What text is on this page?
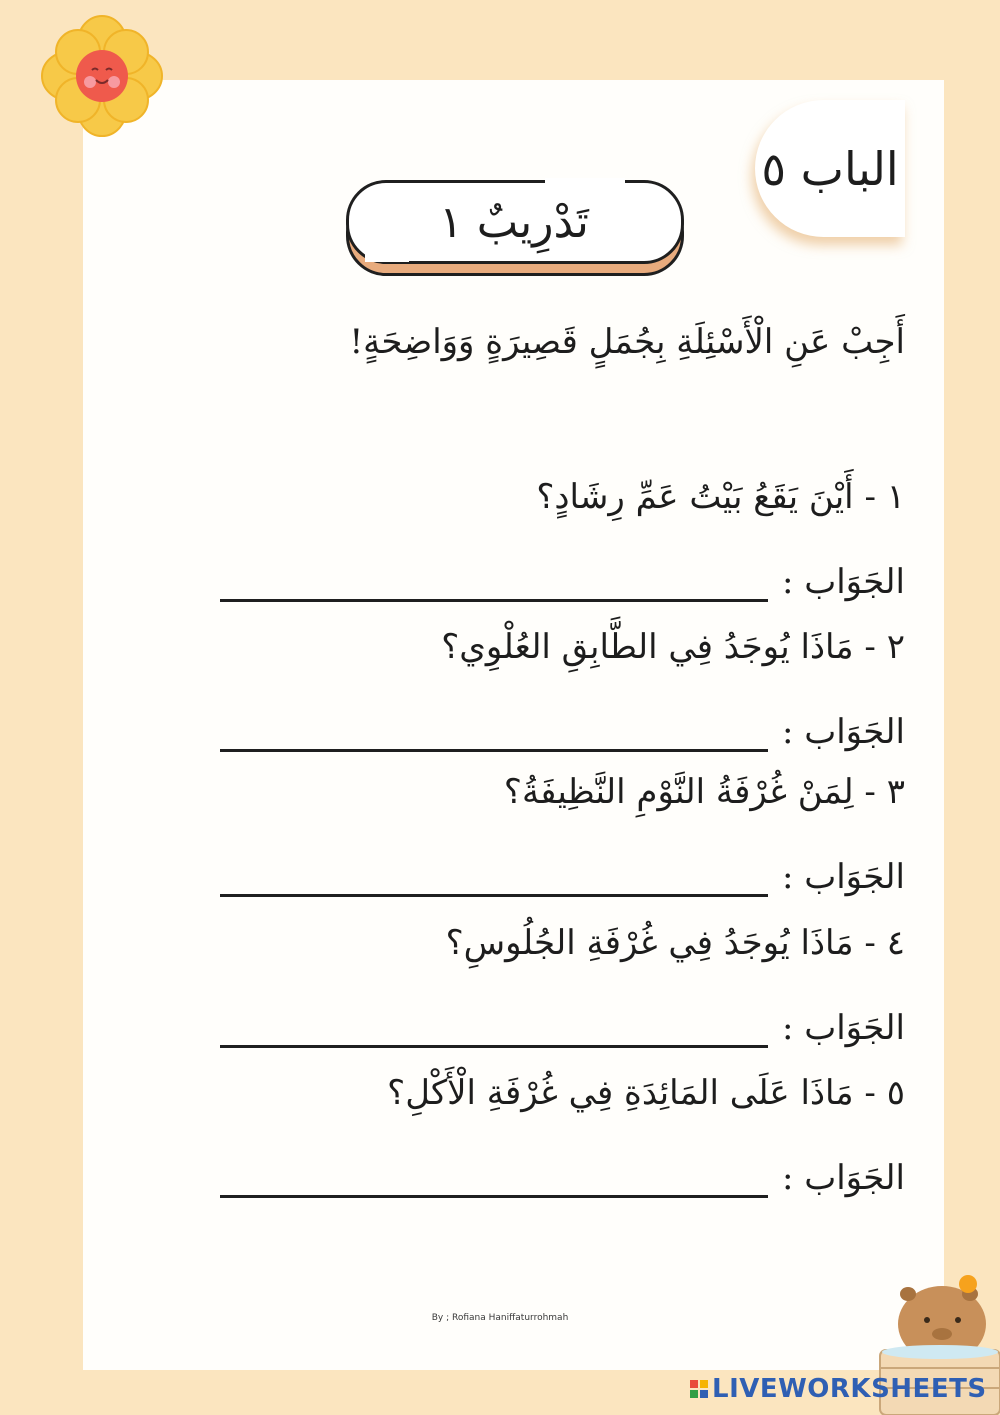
الباب ٥
تَدْرِيبٌ ١
أَجِبْ عَنِ الْأَسْئِلَةِ بِجُمَلٍ قَصِيرَةٍ وَوَاضِحَةٍ!
١ - أَيْنَ يَقَعُ بَيْتُ عَمِّ رِشَادٍ؟
الجَوَاب :
٢ - مَاذَا يُوجَدُ فِي الطَّابِقِ العُلْوِي؟
الجَوَاب :
٣ - لِمَنْ غُرْفَةُ النَّوْمِ النَّظِيفَةُ؟
الجَوَاب :
٤ - مَاذَا يُوجَدُ فِي غُرْفَةِ الجُلُوسِ؟
الجَوَاب :
٥ - مَاذَا عَلَى المَائِدَةِ فِي غُرْفَةِ الْأَكْلِ؟
الجَوَاب :
By ; Rofiana Haniffaturrohmah
LIVEWORKSHEETS
